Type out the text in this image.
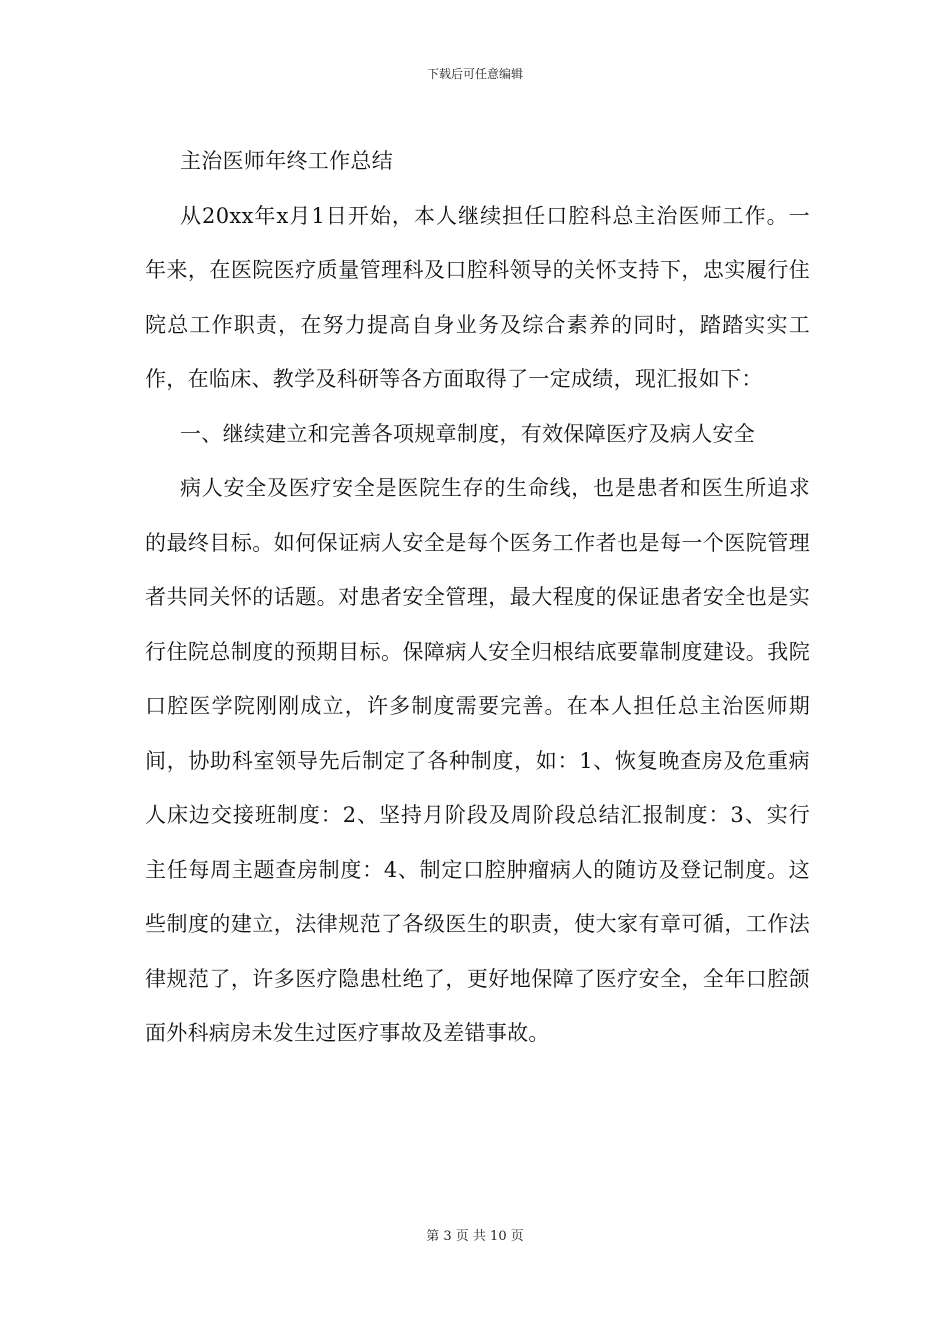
下载后可任意编辑

主治医师年终工作总结

从20xx年x月1日开始，本人继续担任口腔科总主治医师工作。一年来，在医院医疗质量管理科及口腔科领导的关怀支持下，忠实履行住院总工作职责，在努力提高自身业务及综合素养的同时，踏踏实实工作，在临床、教学及科研等各方面取得了一定成绩，现汇报如下：

一、继续建立和完善各项规章制度，有效保障医疗及病人安全

病人安全及医疗安全是医院生存的生命线，也是患者和医生所追求的最终目标。如何保证病人安全是每个医务工作者也是每一个医院管理者共同关怀的话题。对患者安全管理，最大程度的保证患者安全也是实行住院总制度的预期目标。保障病人安全归根结底要靠制度建设。我院口腔医学院刚刚成立，许多制度需要完善。在本人担任总主治医师期间，协助科室领导先后制定了各种制度，如：1、恢复晚查房及危重病人床边交接班制度：2、坚持月阶段及周阶段总结汇报制度：3、实行主任每周主题查房制度：4、制定口腔肿瘤病人的随访及登记制度。这些制度的建立，法律规范了各级医生的职责，使大家有章可循，工作法律规范了，许多医疗隐患杜绝了，更好地保障了医疗安全，全年口腔颌面外科病房未发生过医疗事故及差错事故。

第 3 页 共 10 页
